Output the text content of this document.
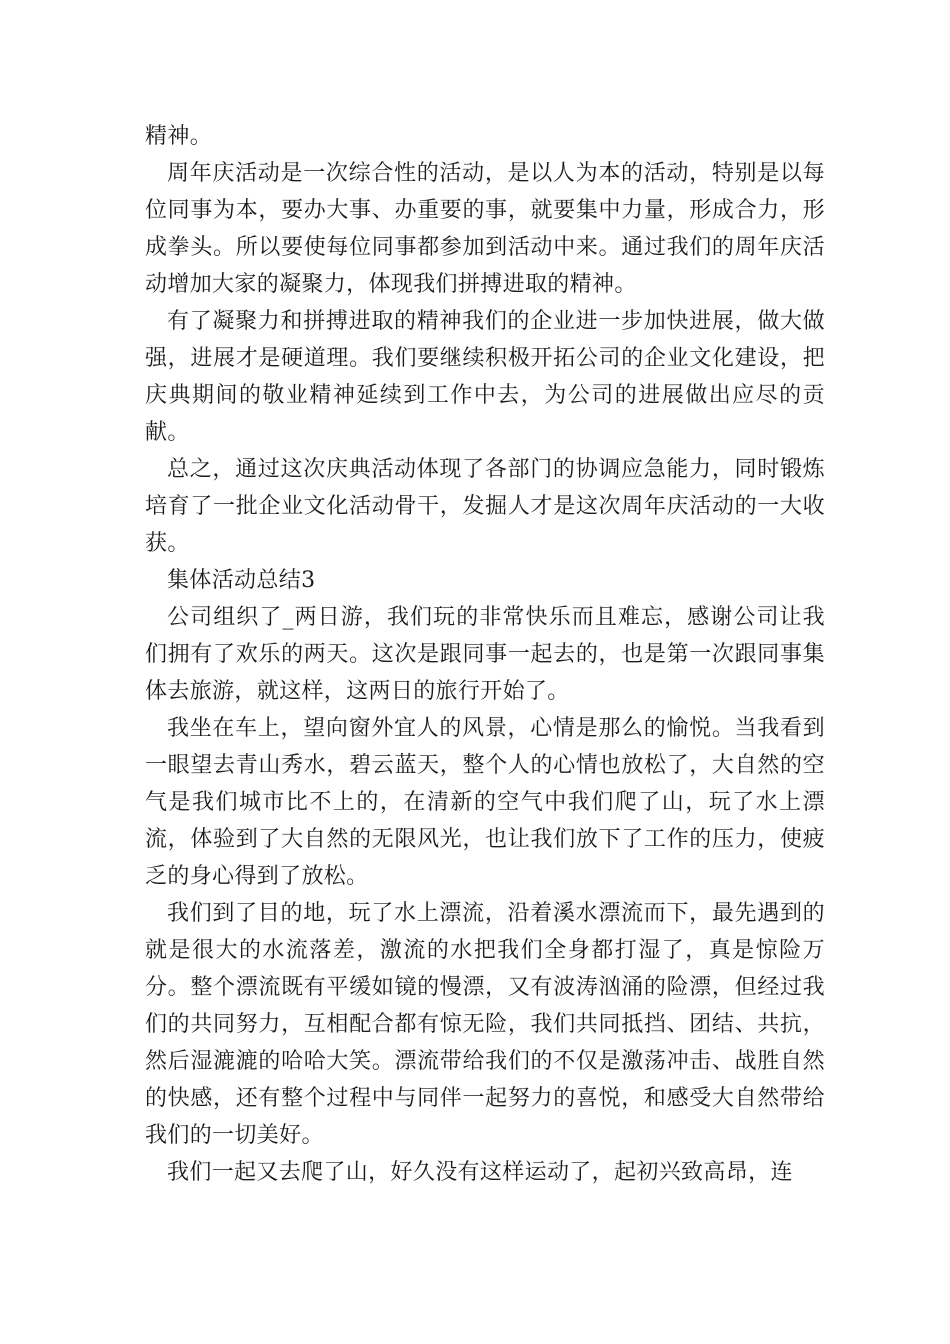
精神。

周年庆活动是一次综合性的活动，是以人为本的活动，特别是以每位同事为本，要办大事、办重要的事，就要集中力量，形成合力，形成拳头。所以要使每位同事都参加到活动中来。通过我们的周年庆活动增加大家的凝聚力，体现我们拼搏进取的精神。

有了凝聚力和拼搏进取的精神我们的企业进一步加快进展，做大做强，进展才是硬道理。我们要继续积极开拓公司的企业文化建设，把庆典期间的敬业精神延续到工作中去，为公司的进展做出应尽的贡献。

总之，通过这次庆典活动体现了各部门的协调应急能力，同时锻炼培育了一批企业文化活动骨干，发掘人才是这次周年庆活动的一大收获。

集体活动总结3

公司组织了_两日游，我们玩的非常快乐而且难忘，感谢公司让我们拥有了欢乐的两天。这次是跟同事一起去的，也是第一次跟同事集体去旅游，就这样，这两日的旅行开始了。

我坐在车上，望向窗外宜人的风景，心情是那么的愉悦。当我看到一眼望去青山秀水，碧云蓝天，整个人的心情也放松了，大自然的空气是我们城市比不上的，在清新的空气中我们爬了山，玩了水上漂流，体验到了大自然的无限风光，也让我们放下了工作的压力，使疲乏的身心得到了放松。

我们到了目的地，玩了水上漂流，沿着溪水漂流而下，最先遇到的就是很大的水流落差，激流的水把我们全身都打湿了，真是惊险万分。整个漂流既有平缓如镜的慢漂，又有波涛汹涌的险漂，但经过我们的共同努力，互相配合都有惊无险，我们共同抵挡、团结、共抗，然后湿漉漉的哈哈大笑。漂流带给我们的不仅是激荡冲击、战胜自然的快感，还有整个过程中与同伴一起努力的喜悦，和感受大自然带给我们的一切美好。

我们一起又去爬了山，好久没有这样运动了，起初兴致高昂，连
